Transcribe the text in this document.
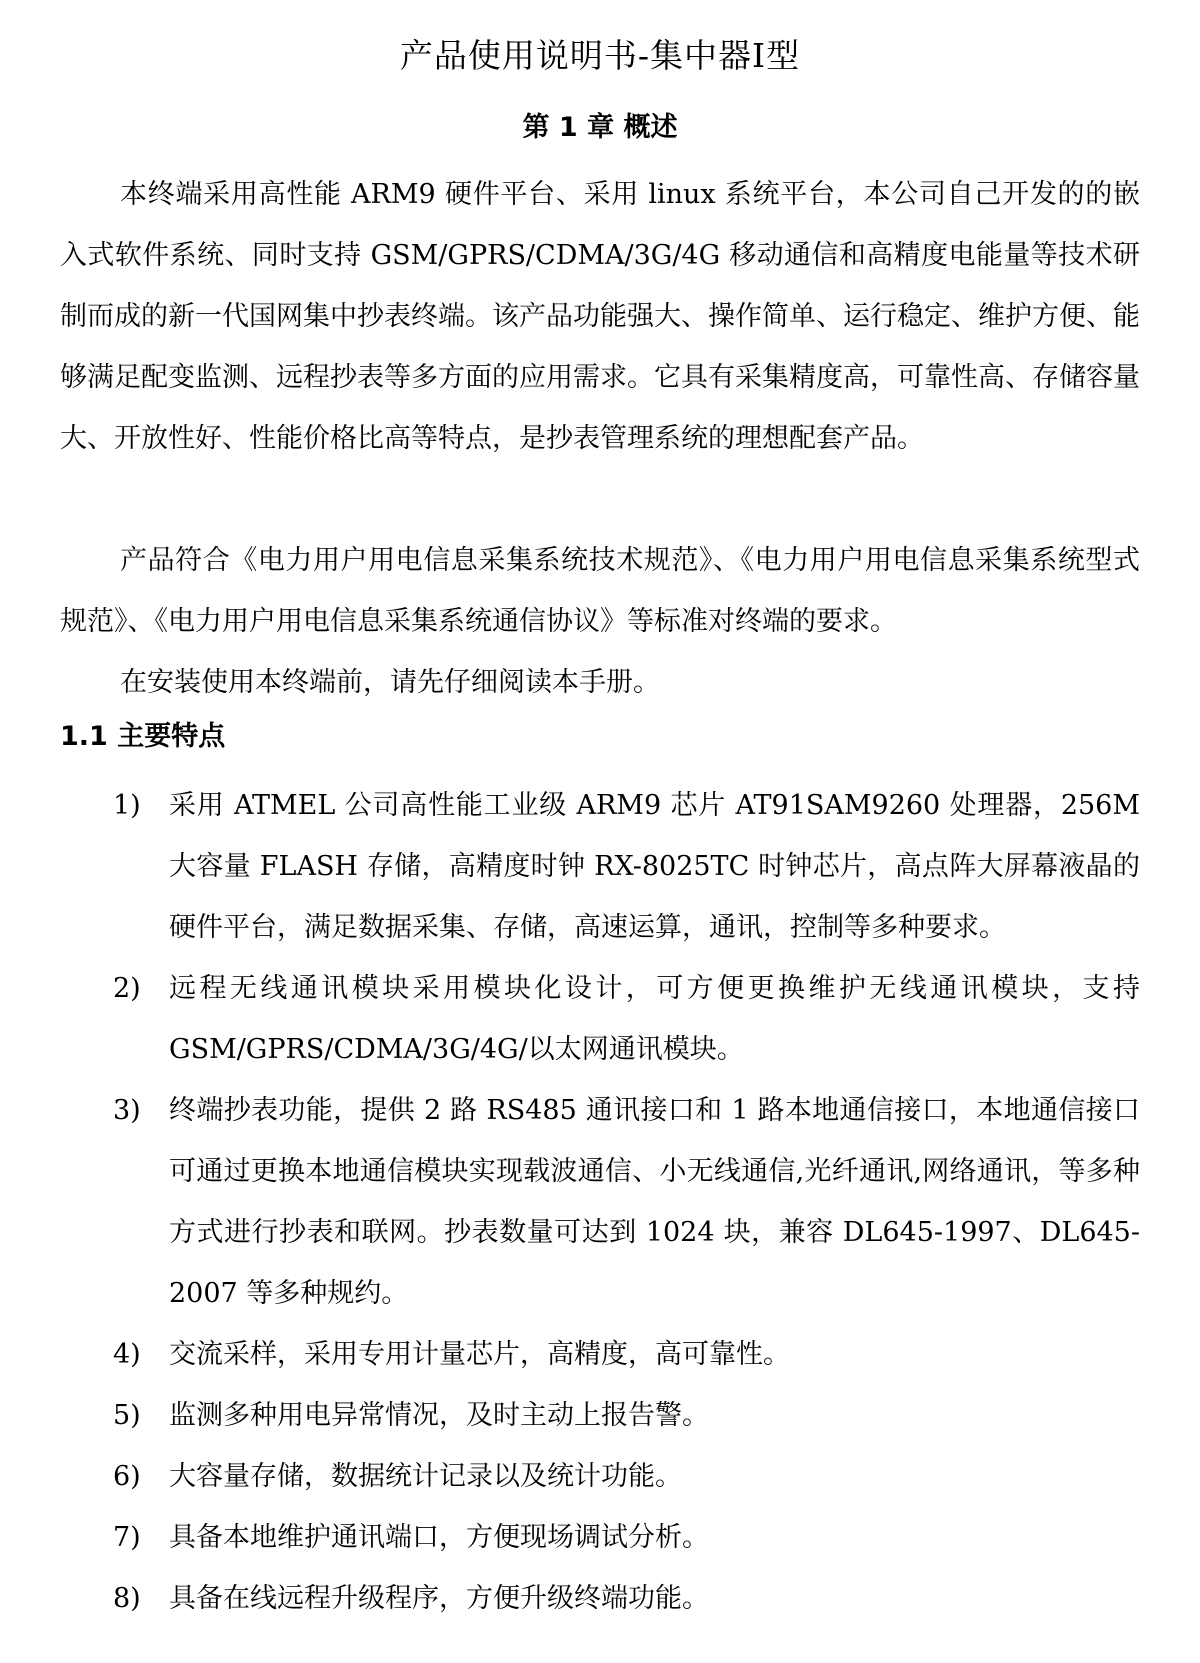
产品使用说明书-集中器Ⅰ型
第 1 章 概述

本终端采用高性能 ARM9 硬件平台、采用 linux 系统平台，本公司自己开发的的嵌入式软件系统、同时支持 GSM/GPRS/CDMA/3G/4G 移动通信和高精度电能量等技术研制而成的新一代国网集中抄表终端。该产品功能强大、操作简单、运行稳定、维护方便、能够满足配变监测、远程抄表等多方面的应用需求。它具有采集精度高，可靠性高、存储容量大、开放性好、性能价格比高等特点，是抄表管理系统的理想配套产品。

产品符合《电力用户用电信息采集系统技术规范》、《电力用户用电信息采集系统型式规范》、《电力用户用电信息采集系统通信协议》等标准对终端的要求。

在安装使用本终端前，请先仔细阅读本手册。

1.1 主要特点
1) 采用 ATMEL 公司高性能工业级 ARM9 芯片 AT91SAM9260 处理器，256M 大容量 FLASH 存储，高精度时钟 RX-8025TC 时钟芯片，高点阵大屏幕液晶的硬件平台，满足数据采集、存储，高速运算，通讯，控制等多种要求。
2) 远程无线通讯模块采用模块化设计，可方便更换维护无线通讯模块，支持 GSM/GPRS/CDMA/3G/4G/以太网通讯模块。
3) 终端抄表功能，提供 2 路 RS485 通讯接口和 1 路本地通信接口，本地通信接口可通过更换本地通信模块实现载波通信、小无线通信,光纤通讯,网络通讯，等多种方式进行抄表和联网。抄表数量可达到 1024 块，兼容 DL645-1997、DL645-2007 等多种规约。
4) 交流采样，采用专用计量芯片，高精度，高可靠性。
5) 监测多种用电异常情况，及时主动上报告警。
6) 大容量存储，数据统计记录以及统计功能。
7) 具备本地维护通讯端口，方便现场调试分析。
8) 具备在线远程升级程序，方便升级终端功能。
